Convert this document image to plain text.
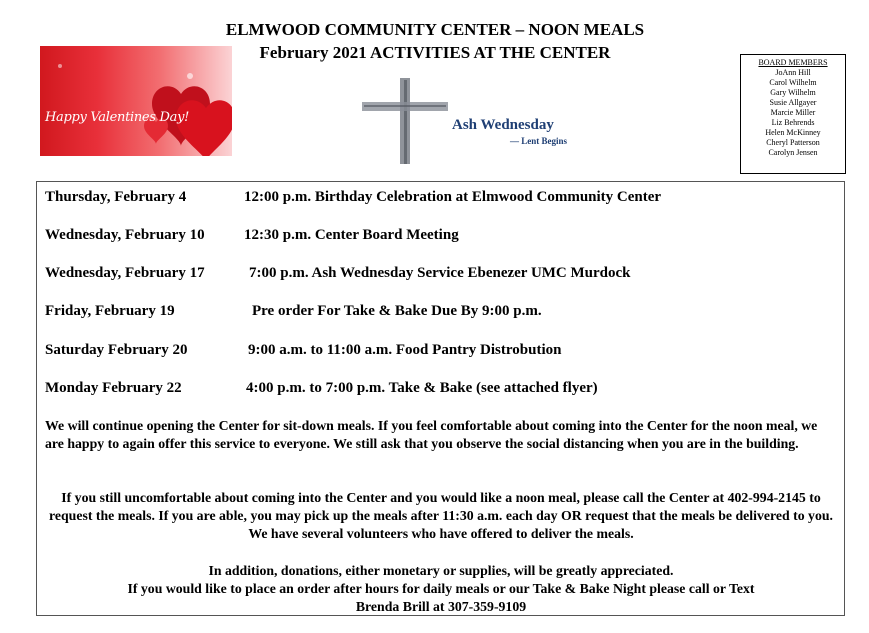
ELMWOOD COMMUNITY CENTER – NOON MEALS
February 2021 ACTIVITIES AT THE CENTER
Happy Valentines Day!	Ash Wednesday
— Lent Begins
BOARD MEMBERS
JoAnn Hill
Carol Wilhelm
Gary Wilhelm
Susie Allgayer
Marcie Miller
Liz Behrends
Helen McKinney
Cheryl Patterson
Carolyn Jensen
Thursday, February 4	12:00 p.m. Birthday Celebration at Elmwood Community Center
Wednesday, February 10	12:30 p.m. Center Board Meeting
Wednesday, February 17	7:00 p.m. Ash Wednesday Service Ebenezer UMC Murdock
Friday, February 19	Pre order For Take & Bake Due By 9:00 p.m.
Saturday February 20	9:00 a.m. to 11:00 a.m. Food Pantry Distrobution
Monday February 22	4:00 p.m. to 7:00 p.m. Take & Bake (see attached flyer)
We will continue opening the Center for sit-down meals. If you feel comfortable about coming into the Center for the noon meal, we are happy to again offer this service to everyone. We still ask that you observe the social distancing when you are in the building.
If you still uncomfortable about coming into the Center and you would like a noon meal, please call the Center at 402-994-2145 to request the meals. If you are able, you may pick up the meals after 11:30 a.m. each day OR request that the meals be delivered to you. We have several volunteers who have offered to deliver the meals.
In addition, donations, either monetary or supplies, will be greatly appreciated.
If you would like to place an order after hours for daily meals or our Take & Bake Night please call or Text
Brenda Brill at 307-359-9109
